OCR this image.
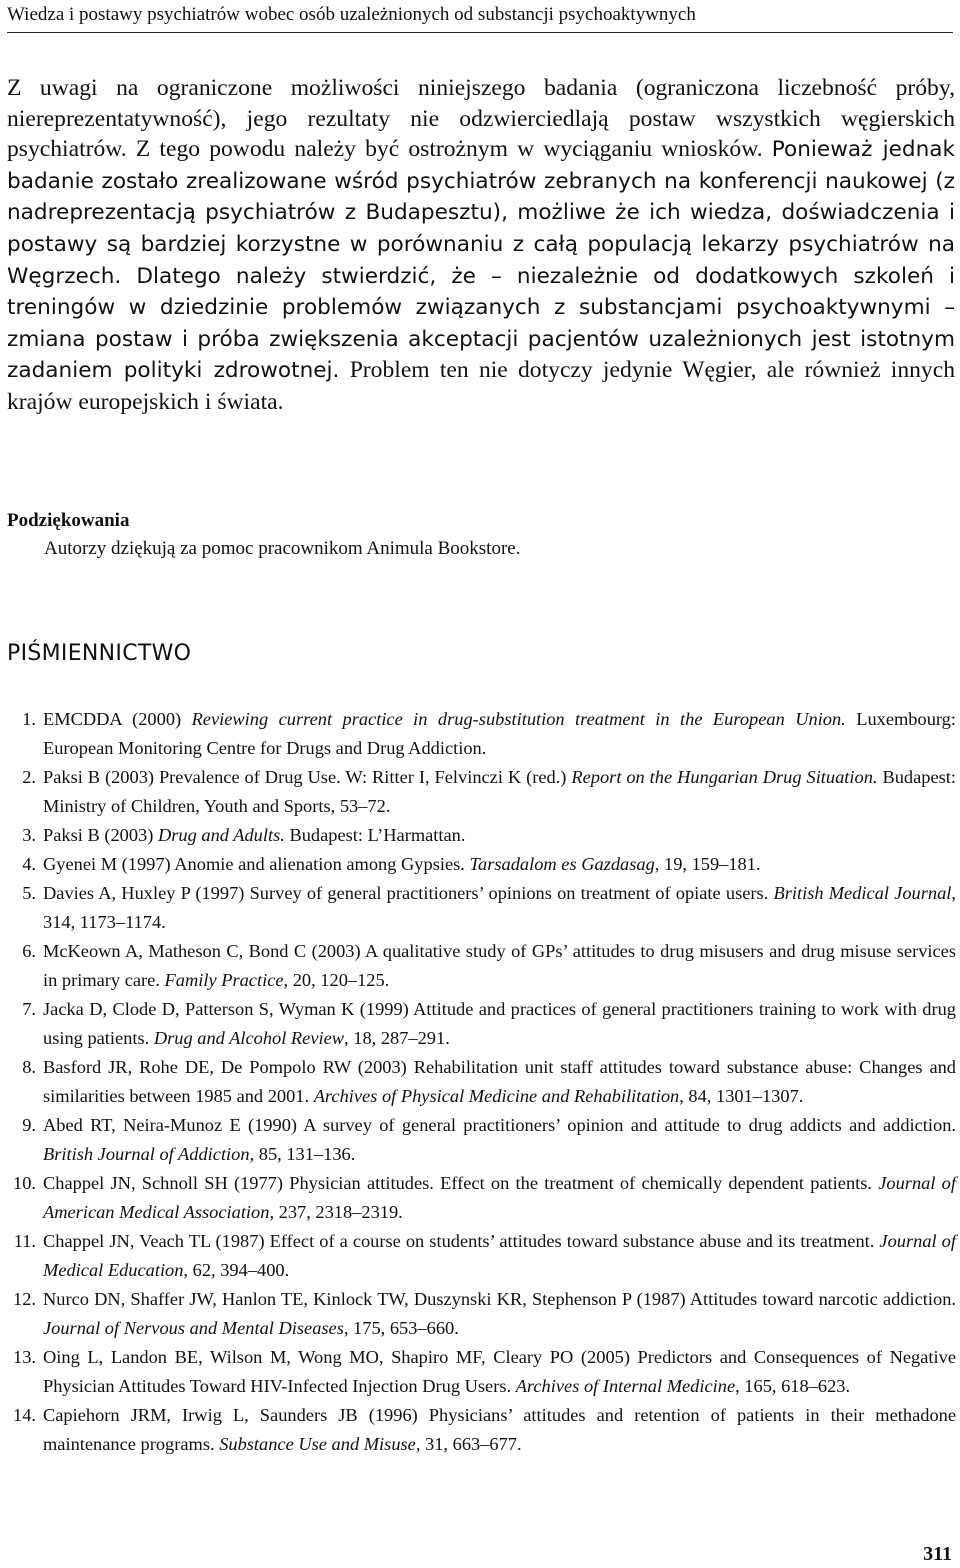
Wiedza i postawy psychiatrów wobec osób uzależnionych od substancji psychoaktywnych

Z uwagi na ograniczone możliwości niniejszego badania (ograniczona liczebność próby, niereprezentatywność), jego rezultaty nie odzwierciedlają postaw wszystkich węgierskich psychiatrów. Z tego powodu należy być ostrożnym w wyciąganiu wniosków. Ponieważ jednak badanie zostało zrealizowane wśród psychiatrów zebranych na konferencji naukowej (z nadreprezentacją psychiatrów z Budapesztu), możliwe że ich wiedza, doświadczenia i postawy są bardziej korzystne w porównaniu z całą populacją lekarzy psychiatrów na Węgrzech. Dlatego należy stwierdzić, że – niezależnie od dodatkowych szkoleń i treningów w dziedzinie problemów związanych z substancjami psychoaktywnymi – zmiana postaw i próba zwiększenia akceptacji pacjentów uzależnionych jest istotnym zadaniem polityki zdrowotnej. Problem ten nie dotyczy jedynie Węgier, ale również innych krajów europejskich i świata.

Podziękowania
Autorzy dziękują za pomoc pracownikom Animula Bookstore.
PIŚMIENNICTWO
1. EMCDDA (2000) Reviewing current practice in drug-substitution treatment in the European Union. Luxembourg: European Monitoring Centre for Drugs and Drug Addiction.
2. Paksi B (2003) Prevalence of Drug Use. W: Ritter I, Felvinczi K (red.) Report on the Hungarian Drug Situation. Budapest: Ministry of Children, Youth and Sports, 53–72.
3. Paksi B (2003) Drug and Adults. Budapest: L’Harmattan.
4. Gyenei M (1997) Anomie and alienation among Gypsies. Tarsadalom es Gazdasag, 19, 159–181.
5. Davies A, Huxley P (1997) Survey of general practitioners’ opinions on treatment of opiate users. British Medical Journal, 314, 1173–1174.
6. McKeown A, Matheson C, Bond C (2003) A qualitative study of GPs’ attitudes to drug misusers and drug misuse services in primary care. Family Practice, 20, 120–125.
7. Jacka D, Clode D, Patterson S, Wyman K (1999) Attitude and practices of general practitioners training to work with drug using patients. Drug and Alcohol Review, 18, 287–291.
8. Basford JR, Rohe DE, De Pompolo RW (2003) Rehabilitation unit staff attitudes toward substance abuse: Changes and similarities between 1985 and 2001. Archives of Physical Medicine and Rehabilitation, 84, 1301–1307.
9. Abed RT, Neira-Munoz E (1990) A survey of general practitioners’ opinion and attitude to drug addicts and addiction. British Journal of Addiction, 85, 131–136.
10. Chappel JN, Schnoll SH (1977) Physician attitudes. Effect on the treatment of chemically dependent patients. Journal of American Medical Association, 237, 2318–2319.
11. Chappel JN, Veach TL (1987) Effect of a course on students’ attitudes toward substance abuse and its treatment. Journal of Medical Education, 62, 394–400.
12. Nurco DN, Shaffer JW, Hanlon TE, Kinlock TW, Duszynski KR, Stephenson P (1987) Attitudes toward narcotic addiction. Journal of Nervous and Mental Diseases, 175, 653–660.
13. Oing L, Landon BE, Wilson M, Wong MO, Shapiro MF, Cleary PO (2005) Predictors and Consequences of Negative Physician Attitudes Toward HIV-Infected Injection Drug Users. Archives of Internal Medicine, 165, 618–623.
14. Capiehorn JRM, Irwig L, Saunders JB (1996) Physicians’ attitudes and retention of patients in their methadone maintenance programs. Substance Use and Misuse, 31, 663–677.
311
